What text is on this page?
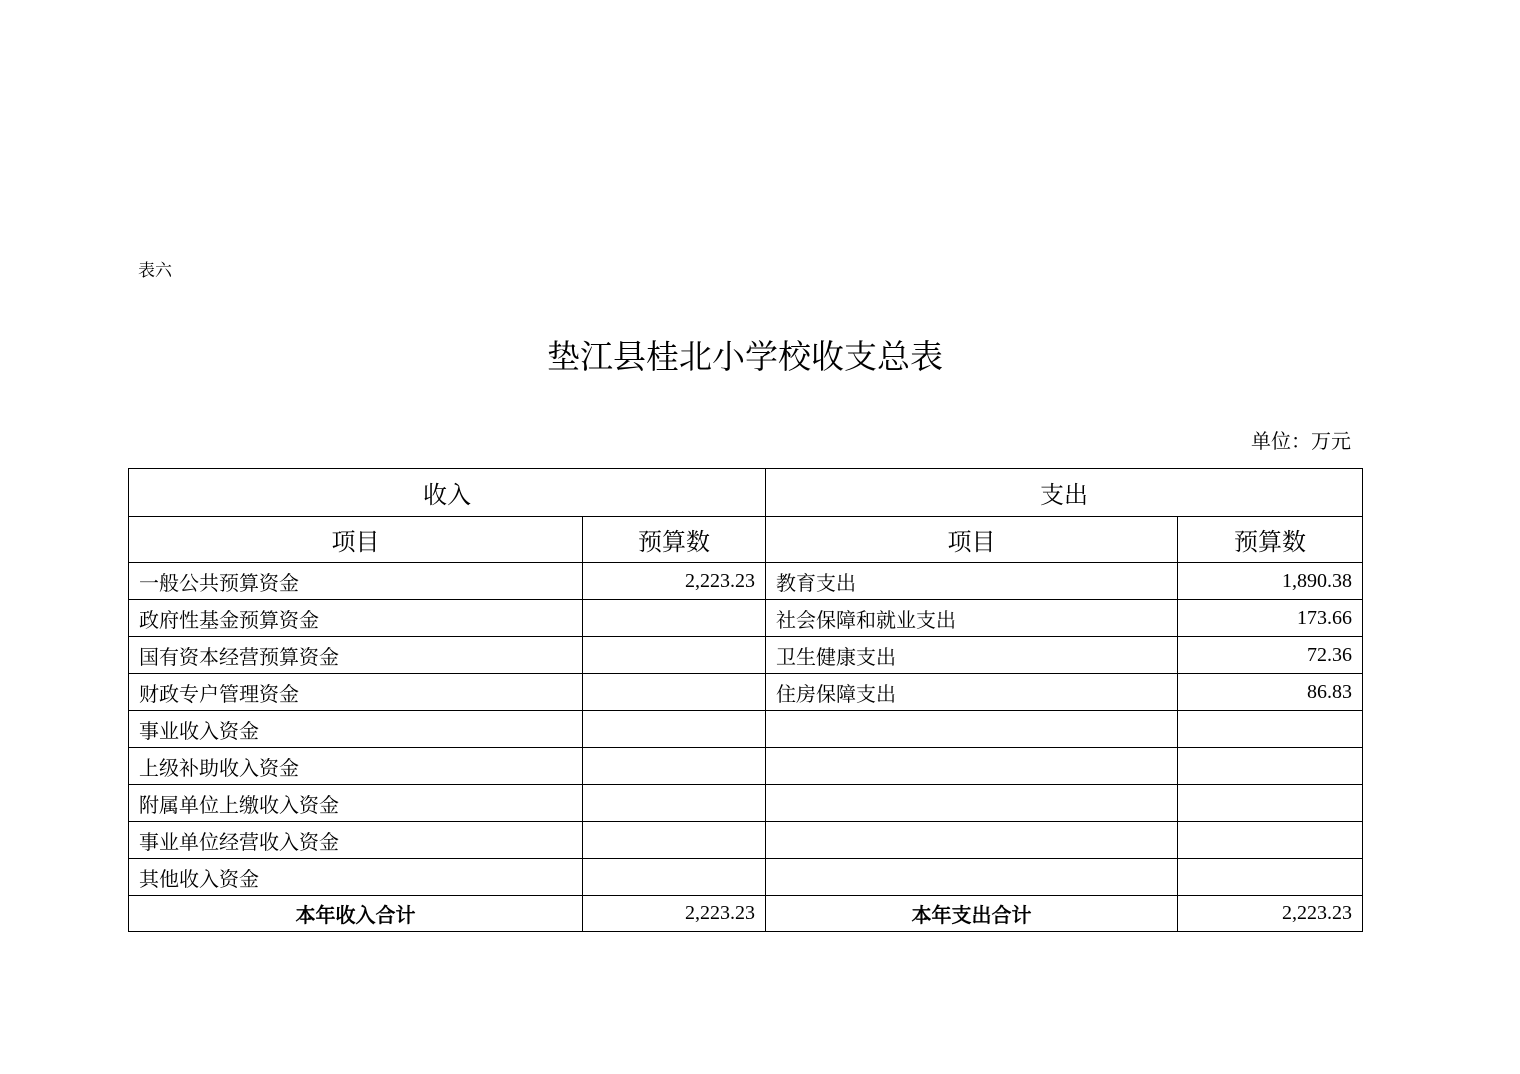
表六
垫江县桂北小学校收支总表
单位：万元
收入		支出	
项目	预算数	项目	预算数
一般公共预算资金	2,223.23	教育支出	1,890.38
政府性基金预算资金		社会保障和就业支出	173.66
国有资本经营预算资金		卫生健康支出	72.36
财政专户管理资金		住房保障支出	86.83
事业收入资金			
上级补助收入资金			
附属单位上缴收入资金			
事业单位经营收入资金			
其他收入资金			
本年收入合计	2,223.23	本年支出合计	2,223.23
